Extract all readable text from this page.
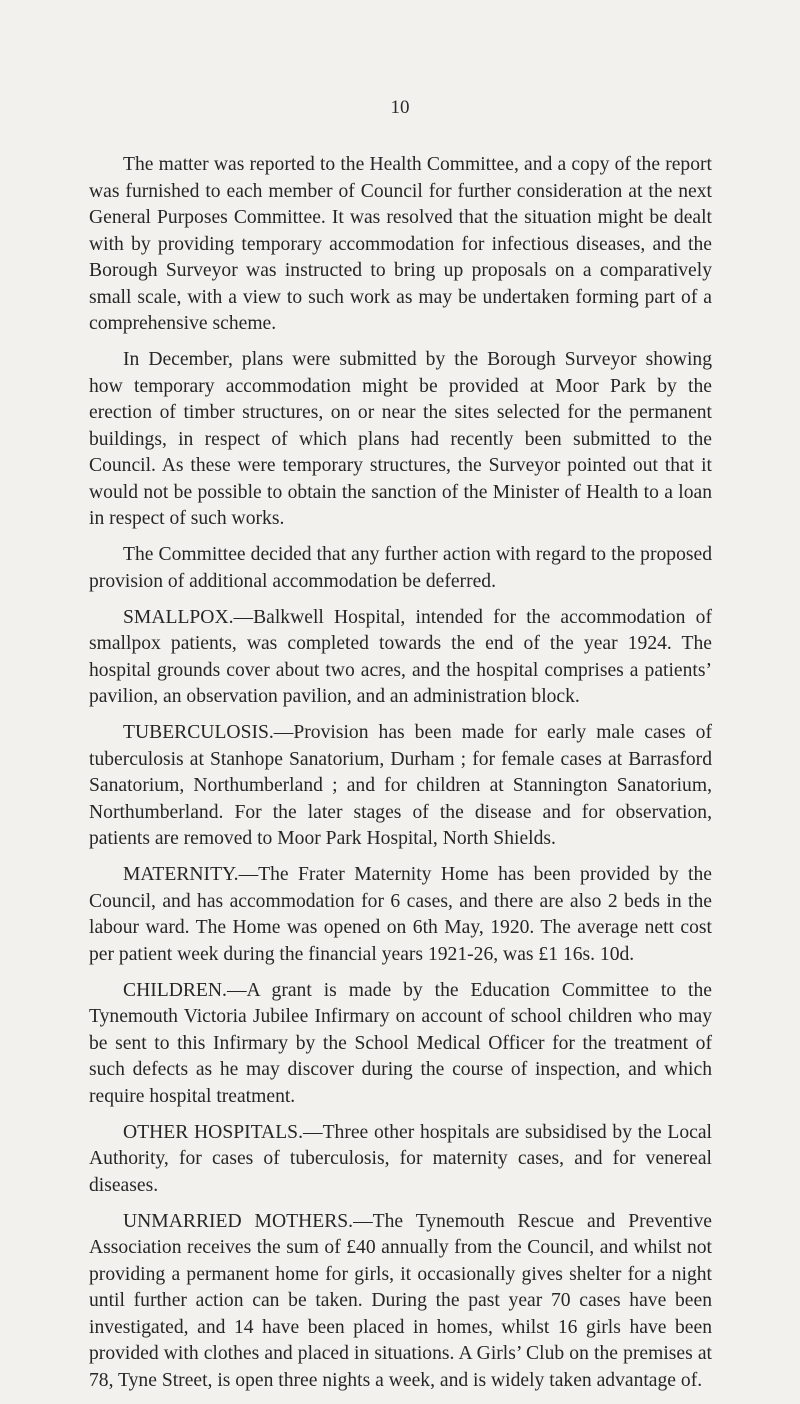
10

The matter was reported to the Health Committee, and a copy of the report was furnished to each member of Council for further consideration at the next General Purposes Committee. It was resolved that the situation might be dealt with by providing temporary accommodation for infectious diseases, and the Borough Surveyor was instructed to bring up proposals on a comparatively small scale, with a view to such work as may be undertaken forming part of a comprehensive scheme.

In December, plans were submitted by the Borough Surveyor showing how temporary accommodation might be provided at Moor Park by the erection of timber structures, on or near the sites selected for the permanent buildings, in respect of which plans had recently been submitted to the Council. As these were temporary structures, the Surveyor pointed out that it would not be possible to obtain the sanction of the Minister of Health to a loan in respect of such works.

The Committee decided that any further action with regard to the proposed provision of additional accommodation be deferred.

SMALLPOX.—Balkwell Hospital, intended for the accommodation of smallpox patients, was completed towards the end of the year 1924. The hospital grounds cover about two acres, and the hospital comprises a patients’ pavilion, an observation pavilion, and an administration block.

TUBERCULOSIS.—Provision has been made for early male cases of tuberculosis at Stanhope Sanatorium, Durham ; for female cases at Barrasford Sanatorium, Northumberland ; and for children at Stannington Sanatorium, Northumberland. For the later stages of the disease and for observation, patients are removed to Moor Park Hospital, North Shields.

MATERNITY.—The Frater Maternity Home has been provided by the Council, and has accommodation for 6 cases, and there are also 2 beds in the labour ward. The Home was opened on 6th May, 1920. The average nett cost per patient week during the financial years 1921-26, was £1 16s. 10d.

CHILDREN.—A grant is made by the Education Committee to the Tynemouth Victoria Jubilee Infirmary on account of school children who may be sent to this Infirmary by the School Medical Officer for the treatment of such defects as he may discover during the course of inspection, and which require hospital treatment.

OTHER HOSPITALS.—Three other hospitals are subsidised by the Local Authority, for cases of tuberculosis, for maternity cases, and for venereal diseases.

UNMARRIED MOTHERS.—The Tynemouth Rescue and Preventive Association receives the sum of £40 annually from the Council, and whilst not providing a permanent home for girls, it occasionally gives shelter for a night until further action can be taken. During the past year 70 cases have been investigated, and 14 have been placed in homes, whilst 16 girls have been provided with clothes and placed in situations. A Girls’ Club on the premises at 78, Tyne Street, is open three nights a week, and is widely taken advantage of.
